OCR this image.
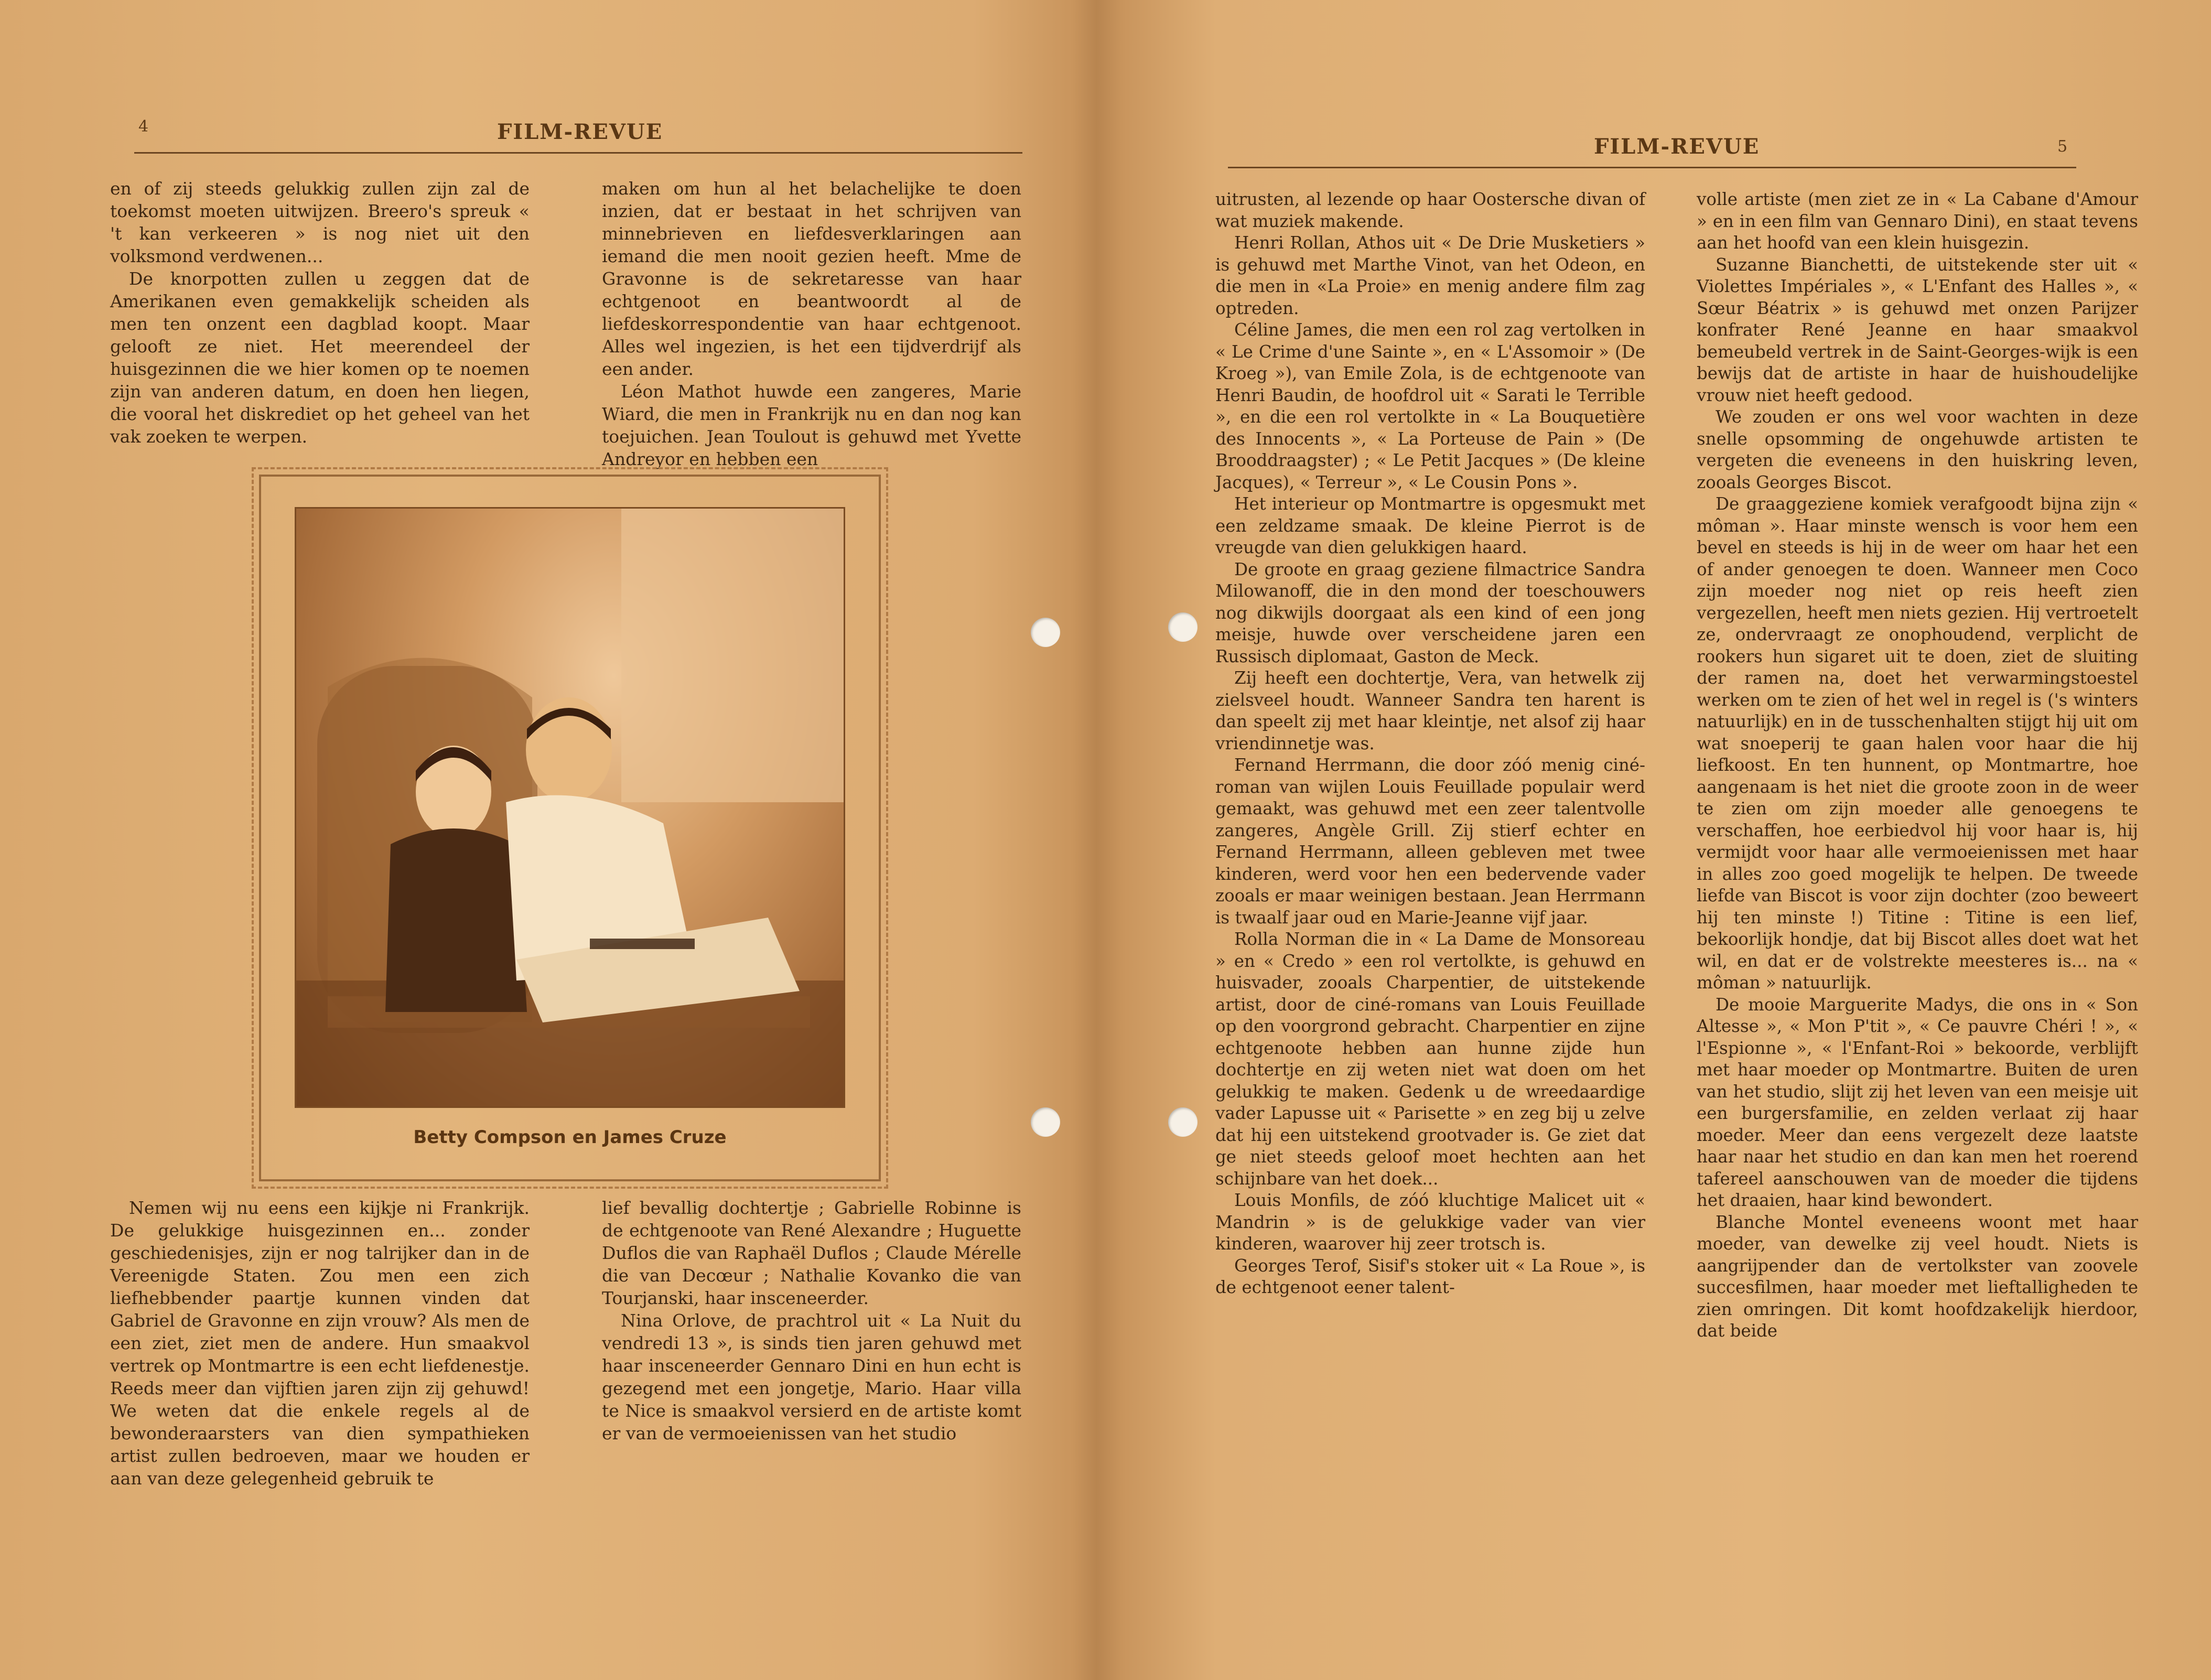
4	FILM-REVUE

en of zij steeds gelukkig zullen zijn zal de toekomst moeten uitwijzen. Breero's spreuk « 't kan verkeeren » is nog niet uit den volksmond verdwenen...

De knorpotten zullen u zeggen dat de Amerikanen even gemakkelijk scheiden als men ten onzent een dagblad koopt. Maar gelooft ze niet. Het meerendeel der huisgezinnen die we hier komen op te noemen zijn van anderen datum, en doen hen liegen, die vooral het diskrediet op het geheel van het vak zoeken te werpen.

maken om hun al het belachelijke te doen inzien, dat er bestaat in het schrijven van minnebrieven en liefdesverklaringen aan iemand die men nooit gezien heeft. Mme de Gravonne is de sekretaresse van haar echtgenoot en beantwoordt al de liefdeskorrespondentie van haar echtgenoot. Alles wel ingezien, is het een tijdverdrijf als een ander.

Léon Mathot huwde een zangeres, Marie Wiard, die men in Frankrijk nu en dan nog kan toejuichen. Jean Toulout is gehuwd met Yvette Andreyor en hebben een

Betty Compson en James Cruze

Nemen wij nu eens een kijkje ni Frankrijk. De gelukkige huisgezinnen en... zonder geschiedenisjes, zijn er nog talrijker dan in de Vereenigde Staten. Zou men een zich liefhebbender paartje kunnen vinden dat Gabriel de Gravonne en zijn vrouw? Als men de een ziet, ziet men de andere. Hun smaakvol vertrek op Montmartre is een echt liefdenestje. Reeds meer dan vijftien jaren zijn zij gehuwd! We weten dat die enkele regels al de bewonderaarsters van dien sympathieken artist zullen bedroeven, maar we houden er aan van deze gelegenheid gebruik te

lief bevallig dochtertje ; Gabrielle Robinne is de echtgenoote van René Alexandre ; Huguette Duflos die van Raphaël Duflos ; Claude Mérelle die van Decœur ; Nathalie Kovanko die van Tourjanski, haar insceneerder.

Nina Orlove, de prachtrol uit « La Nuit du vendredi 13 », is sinds tien jaren gehuwd met haar insceneerder Gennaro Dini en hun echt is gezegend met een jongetje, Mario. Haar villa te Nice is smaakvol versierd en de artiste komt er van de vermoeienissen van het studio

FILM-REVUE	5

uitrusten, al lezende op haar Oostersche divan of wat muziek makende.

Henri Rollan, Athos uit « De Drie Musketiers » is gehuwd met Marthe Vinot, van het Odeon, en die men in «La Proie» en menig andere film zag optreden.

Céline James, die men een rol zag vertolken in « Le Crime d'une Sainte », en « L'Assomoir » (De Kroeg »), van Emile Zola, is de echtgenoote van Henri Baudin, de hoofdrol uit « Sarati le Terrible », en die een rol vertolkte in « La Bouquetière des Innocents », « La Porteuse de Pain » (De Brooddraagster) ; « Le Petit Jacques » (De kleine Jacques), « Terreur », « Le Cousin Pons ».

Het interieur op Montmartre is opgesmukt met een zeldzame smaak. De kleine Pierrot is de vreugde van dien gelukkigen haard.

De groote en graag geziene filmactrice Sandra Milowanoff, die in den mond der toeschouwers nog dikwijls doorgaat als een kind of een jong meisje, huwde over verscheidene jaren een Russisch diplomaat, Gaston de Meck.

Zij heeft een dochtertje, Vera, van hetwelk zij zielsveel houdt. Wanneer Sandra ten harent is dan speelt zij met haar kleintje, net alsof zij haar vriendinnetje was.

Fernand Herrmann, die door zóó menig ciné-roman van wijlen Louis Feuillade populair werd gemaakt, was gehuwd met een zeer talentvolle zangeres, Angèle Grill. Zij stierf echter en Fernand Herrmann, alleen gebleven met twee kinderen, werd voor hen een bedervende vader zooals er maar weinigen bestaan. Jean Herrmann is twaalf jaar oud en Marie-Jeanne vijf jaar.

Rolla Norman die in « La Dame de Monsoreau » en « Credo » een rol vertolkte, is gehuwd en huisvader, zooals Charpentier, de uitstekende artist, door de ciné-romans van Louis Feuillade op den voorgrond gebracht. Charpentier en zijne echtgenoote hebben aan hunne zijde hun dochtertje en zij weten niet wat doen om het gelukkig te maken. Gedenk u de wreedaardige vader Lapusse uit « Parisette » en zeg bij u zelve dat hij een uitstekend grootvader is. Ge ziet dat ge niet steeds geloof moet hechten aan het schijnbare van het doek...

Louis Monfils, de zóó kluchtige Malicet uit « Mandrin » is de gelukkige vader van vier kinderen, waarover hij zeer trotsch is.

Georges Terof, Sisif's stoker uit « La Roue », is de echtgenoot eener talent-

volle artiste (men ziet ze in « La Cabane d'Amour » en in een film van Gennaro Dini), en staat tevens aan het hoofd van een klein huisgezin.

Suzanne Bianchetti, de uitstekende ster uit « Violettes Impériales », « L'Enfant des Halles », « Sœur Béatrix » is gehuwd met onzen Parijzer konfrater René Jeanne en haar smaakvol bemeubeld vertrek in de Saint-Georges-wijk is een bewijs dat de artiste in haar de huishoudelijke vrouw niet heeft gedood.

We zouden er ons wel voor wachten in deze snelle opsomming de ongehuwde artisten te vergeten die eveneens in den huiskring leven, zooals Georges Biscot.

De graaggeziene komiek verafgoodt bijna zijn « môman ». Haar minste wensch is voor hem een bevel en steeds is hij in de weer om haar het een of ander genoegen te doen. Wanneer men Coco zijn moeder nog niet op reis heeft zien vergezellen, heeft men niets gezien. Hij vertroetelt ze, ondervraagt ze onophoudend, verplicht de rookers hun sigaret uit te doen, ziet de sluiting der ramen na, doet het verwarmingstoestel werken om te zien of het wel in regel is ('s winters natuurlijk) en in de tusschenhalten stijgt hij uit om wat snoeperij te gaan halen voor haar die hij liefkoost. En ten hunnent, op Montmartre, hoe aangenaam is het niet die groote zoon in de weer te zien om zijn moeder alle genoegens te verschaffen, hoe eerbiedvol hij voor haar is, hij vermijdt voor haar alle vermoeienissen met haar in alles zoo goed mogelijk te helpen. De tweede liefde van Biscot is voor zijn dochter (zoo beweert hij ten minste !) Titine : Titine is een lief, bekoorlijk hondje, dat bij Biscot alles doet wat het wil, en dat er de volstrekte meesteres is... na « môman » natuurlijk.

De mooie Marguerite Madys, die ons in « Son Altesse », « Mon P'tit », « Ce pauvre Chéri ! », « l'Espionne », « l'Enfant-Roi » bekoorde, verblijft met haar moeder op Montmartre. Buiten de uren van het studio, slijt zij het leven van een meisje uit een burgersfamilie, en zelden verlaat zij haar moeder. Meer dan eens vergezelt deze laatste haar naar het studio en dan kan men het roerend tafereel aanschouwen van de moeder die tijdens het draaien, haar kind bewondert.

Blanche Montel eveneens woont met haar moeder, van dewelke zij veel houdt. Niets is aangrijpender dan de vertolkster van zoovele succesfilmen, haar moeder met lieftalligheden te zien omringen. Dit komt hoofdzakelijk hierdoor, dat beide
